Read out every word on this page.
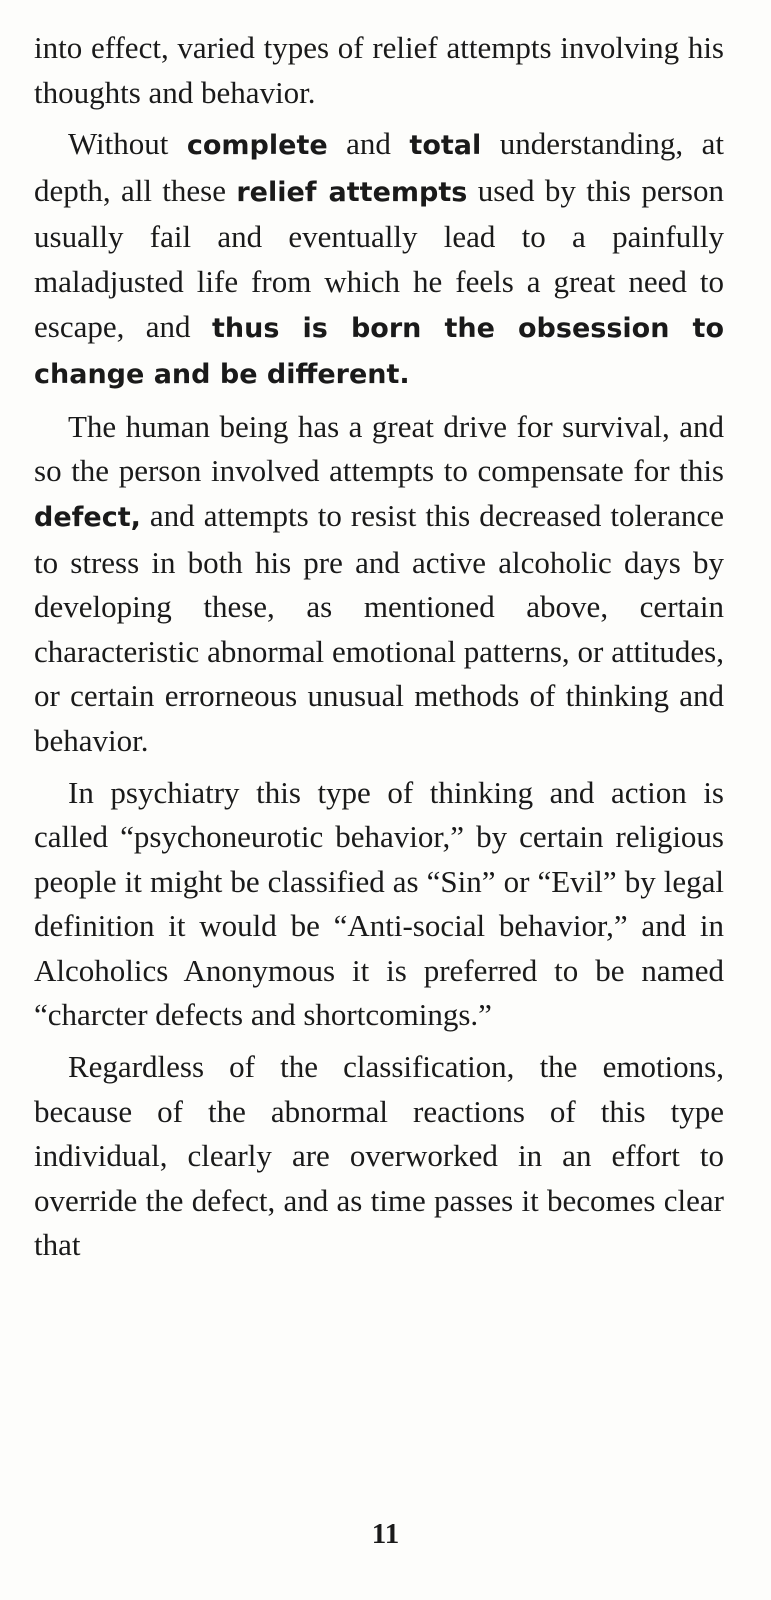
into effect, varied types of relief attempts involving his thoughts and behavior.

Without complete and total understanding, at depth, all these relief attempts used by this person usually fail and eventually lead to a painfully maladjusted life from which he feels a great need to escape, and thus is born the obsession to change and be different.

The human being has a great drive for survival, and so the person involved attempts to compensate for this defect, and attempts to resist this decreased tolerance to stress in both his pre and active alcoholic days by developing these, as mentioned above, certain characteristic abnormal emotional patterns, or attitudes, or certain errorneous unusual methods of thinking and behavior.

In psychiatry this type of thinking and action is called “psychoneurotic behavior,” by certain religious people it might be classified as “Sin” or “Evil” by legal definition it would be “Anti-social behavior,” and in Alcoholics Anonymous it is preferred to be named “charcter defects and shortcomings.”

Regardless of the classification, the emotions, because of the abnormal reactions of this type individual, clearly are overworked in an effort to override the defect, and as time passes it becomes clear that

11
